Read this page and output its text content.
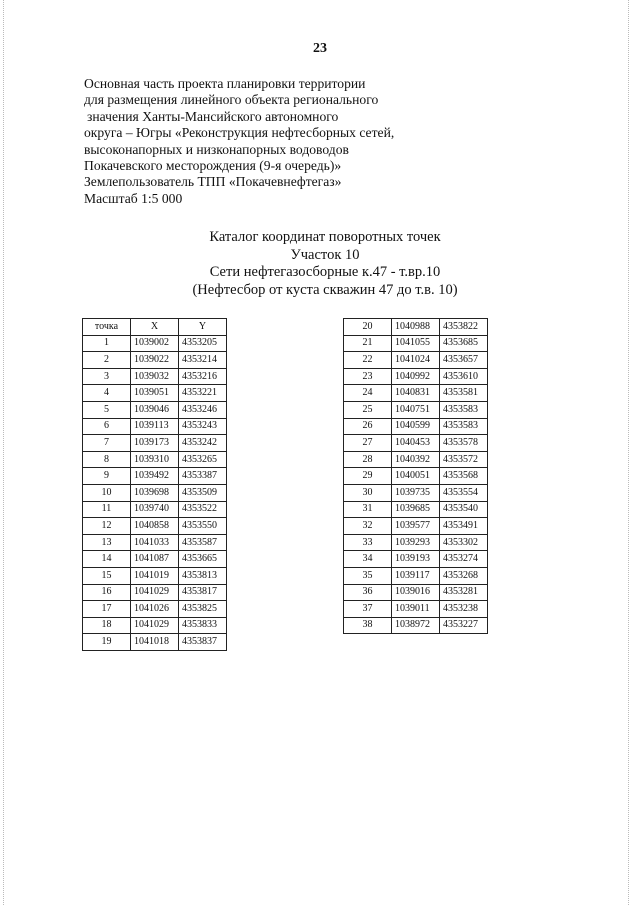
23
Основная часть проекта планировки территории
для размещения линейного объекта регионального
значения Ханты-Мансийского автономного
округа – Югры «Реконструкция нефтесборных сетей,
высоконапорных и низконапорных водоводов
Покачевского месторождения (9-я очередь)»
Землепользователь ТПП «Покачевнефтегаз»
Масштаб 1:5 000
Каталог координат поворотных точек
Участок 10
Сети нефтегазосборные к.47 - т.вр.10
(Нефтесбор от куста скважин 47 до т.в. 10)
точка	X	Y
1	1039002	4353205
2	1039022	4353214
3	1039032	4353216
4	1039051	4353221
5	1039046	4353246
6	1039113	4353243
7	1039173	4353242
8	1039310	4353265
9	1039492	4353387
10	1039698	4353509
11	1039740	4353522
12	1040858	4353550
13	1041033	4353587
14	1041087	4353665
15	1041019	4353813
16	1041029	4353817
17	1041026	4353825
18	1041029	4353833
19	1041018	4353837
20	1040988	4353822
21	1041055	4353685
22	1041024	4353657
23	1040992	4353610
24	1040831	4353581
25	1040751	4353583
26	1040599	4353583
27	1040453	4353578
28	1040392	4353572
29	1040051	4353568
30	1039735	4353554
31	1039685	4353540
32	1039577	4353491
33	1039293	4353302
34	1039193	4353274
35	1039117	4353268
36	1039016	4353281
37	1039011	4353238
38	1038972	4353227
